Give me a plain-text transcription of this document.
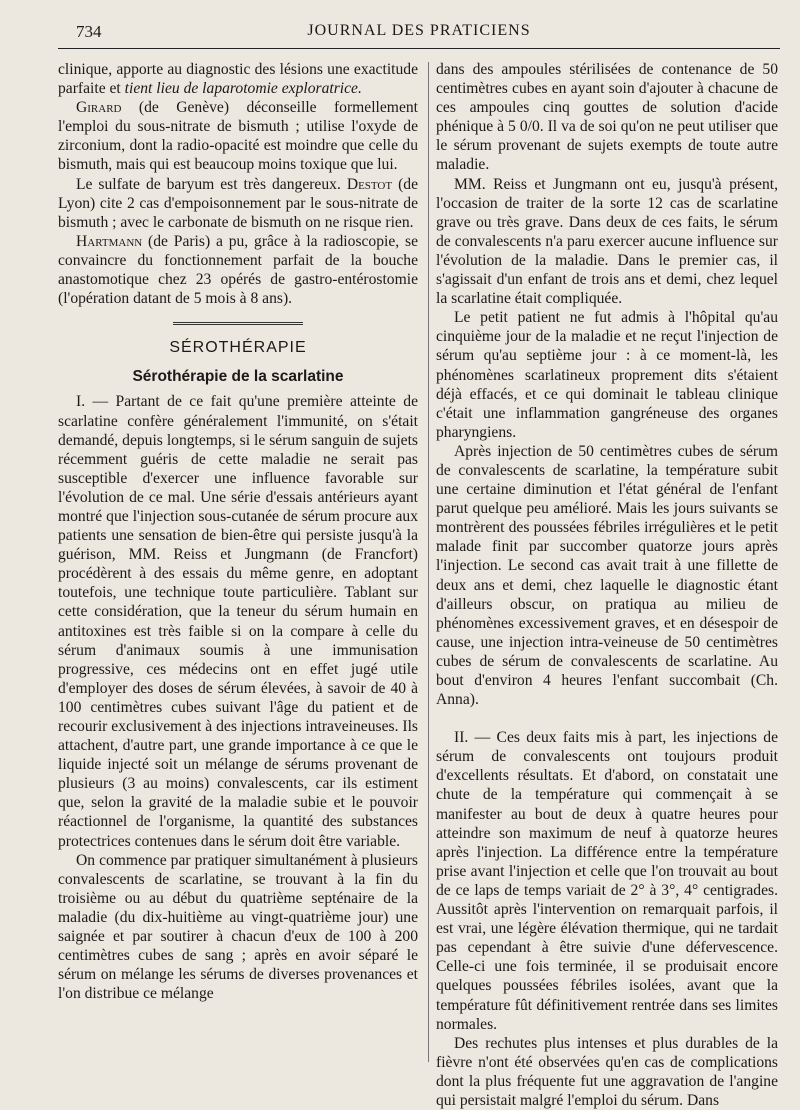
734	JOURNAL DES PRATICIENS

clinique, apporte au diagnostic des lésions une exactitude parfaite et tient lieu de laparotomie exploratrice.

Girard (de Genève) déconseille formellement l'emploi du sous-nitrate de bismuth ; utilise l'oxyde de zirconium, dont la radio-opacité est moindre que celle du bismuth, mais qui est beaucoup moins toxique que lui.

Le sulfate de baryum est très dangereux. Destot (de Lyon) cite 2 cas d'empoisonnement par le sous-nitrate de bismuth ; avec le carbonate de bismuth on ne risque rien.

Hartmann (de Paris) a pu, grâce à la radioscopie, se convaincre du fonctionnement parfait de la bouche anastomotique chez 23 opérés de gastro-entérostomie (l'opération datant de 5 mois à 8 ans).

SÉROTHÉRAPIE
Sérothérapie de la scarlatine

I. — Partant de ce fait qu'une première atteinte de scarlatine confère généralement l'immunité, on s'était demandé, depuis longtemps, si le sérum sanguin de sujets récemment guéris de cette maladie ne serait pas susceptible d'exercer une influence favorable sur l'évolution de ce mal. Une série d'essais antérieurs ayant montré que l'injection sous-cutanée de sérum procure aux patients une sensation de bien-être qui persiste jusqu'à la guérison, MM. Reiss et Jungmann (de Francfort) procédèrent à des essais du même genre, en adoptant toutefois, une technique toute particulière. Tablant sur cette considération, que la teneur du sérum humain en antitoxines est très faible si on la compare à celle du sérum d'animaux soumis à une immunisation progressive, ces médecins ont en effet jugé utile d'employer des doses de sérum élevées, à savoir de 40 à 100 centimètres cubes suivant l'âge du patient et de recourir exclusivement à des injections intraveineuses. Ils attachent, d'autre part, une grande importance à ce que le liquide injecté soit un mélange de sérums provenant de plusieurs (3 au moins) convalescents, car ils estiment que, selon la gravité de la maladie subie et le pouvoir réactionnel de l'organisme, la quantité des substances protectrices contenues dans le sérum doit être variable.

On commence par pratiquer simultanément à plusieurs convalescents de scarlatine, se trouvant à la fin du troisième ou au début du quatrième septénaire de la maladie (du dix-huitième au vingt-quatrième jour) une saignée et par soutirer à chacun d'eux de 100 à 200 centimètres cubes de sang ; après en avoir séparé le sérum on mélange les sérums de diverses provenances et l'on distribue ce mélange

dans des ampoules stérilisées de contenance de 50 centimètres cubes en ayant soin d'ajouter à chacune de ces ampoules cinq gouttes de solution d'acide phénique à 5 0/0. Il va de soi qu'on ne peut utiliser que le sérum provenant de sujets exempts de toute autre maladie.

MM. Reiss et Jungmann ont eu, jusqu'à présent, l'occasion de traiter de la sorte 12 cas de scarlatine grave ou très grave. Dans deux de ces faits, le sérum de convalescents n'a paru exercer aucune influence sur l'évolution de la maladie. Dans le premier cas, il s'agissait d'un enfant de trois ans et demi, chez lequel la scarlatine était compliquée.

Le petit patient ne fut admis à l'hôpital qu'au cinquième jour de la maladie et ne reçut l'injection de sérum qu'au septième jour : à ce moment-là, les phénomènes scarlatineux proprement dits s'étaient déjà effacés, et ce qui dominait le tableau clinique c'était une inflammation gangréneuse des organes pharyngiens.

Après injection de 50 centimètres cubes de sérum de convalescents de scarlatine, la température subit une certaine diminution et l'état général de l'enfant parut quelque peu amélioré. Mais les jours suivants se montrèrent des poussées fébriles irrégulières et le petit malade finit par succomber quatorze jours après l'injection. Le second cas avait trait à une fillette de deux ans et demi, chez laquelle le diagnostic étant d'ailleurs obscur, on pratiqua au milieu de phénomènes excessivement graves, et en désespoir de cause, une injection intra-veineuse de 50 centimètres cubes de sérum de convalescents de scarlatine. Au bout d'environ 4 heures l'enfant succombait (Ch. Anna).

II. — Ces deux faits mis à part, les injections de sérum de convalescents ont toujours produit d'excellents résultats. Et d'abord, on constatait une chute de la température qui commençait à se manifester au bout de deux à quatre heures pour atteindre son maximum de neuf à quatorze heures après l'injection. La différence entre la température prise avant l'injection et celle que l'on trouvait au bout de ce laps de temps variait de 2° à 3°, 4° centigrades. Aussitôt après l'intervention on remarquait parfois, il est vrai, une légère élévation thermique, qui ne tardait pas cependant à être suivie d'une défervescence. Celle-ci une fois terminée, il se produisait encore quelques poussées fébriles isolées, avant que la température fût définitivement rentrée dans ses limites normales.

Des rechutes plus intenses et plus durables de la fièvre n'ont été observées qu'en cas de complications dont la plus fréquente fut une aggravation de l'angine qui persistait malgré l'emploi du sérum. Dans
